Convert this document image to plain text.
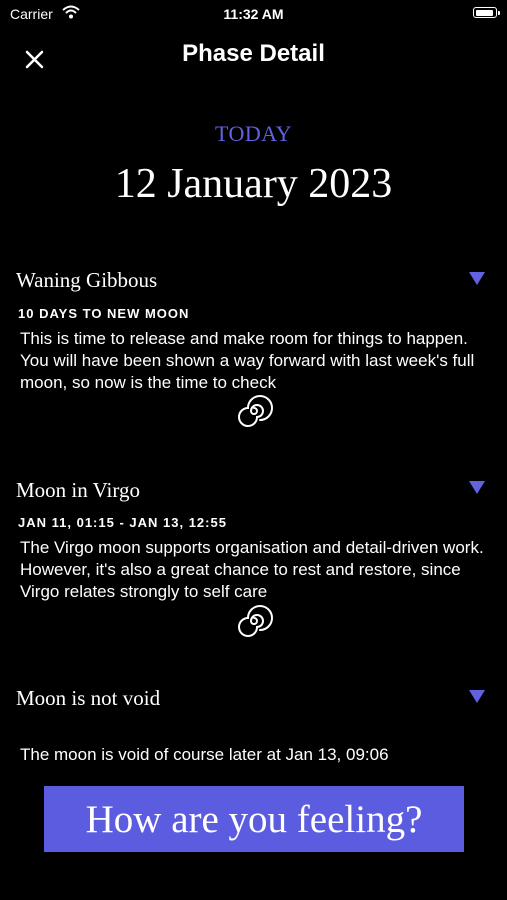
Carrier	11:32 AM
Phase Detail
TODAY
12 January 2023
Waning Gibbous
10 DAYS TO NEW MOON
This is time to release and make room for things to happen. You will have been shown a way forward with last week's full moon, so now is the time to check
Moon in Virgo
JAN 11, 01:15 - JAN 13, 12:55
The Virgo moon supports organisation and detail-driven work. However, it's also a great chance to rest and restore, since Virgo relates strongly to self care
Moon is not void
The moon is void of course later at Jan 13, 09:06
How are you feeling?
